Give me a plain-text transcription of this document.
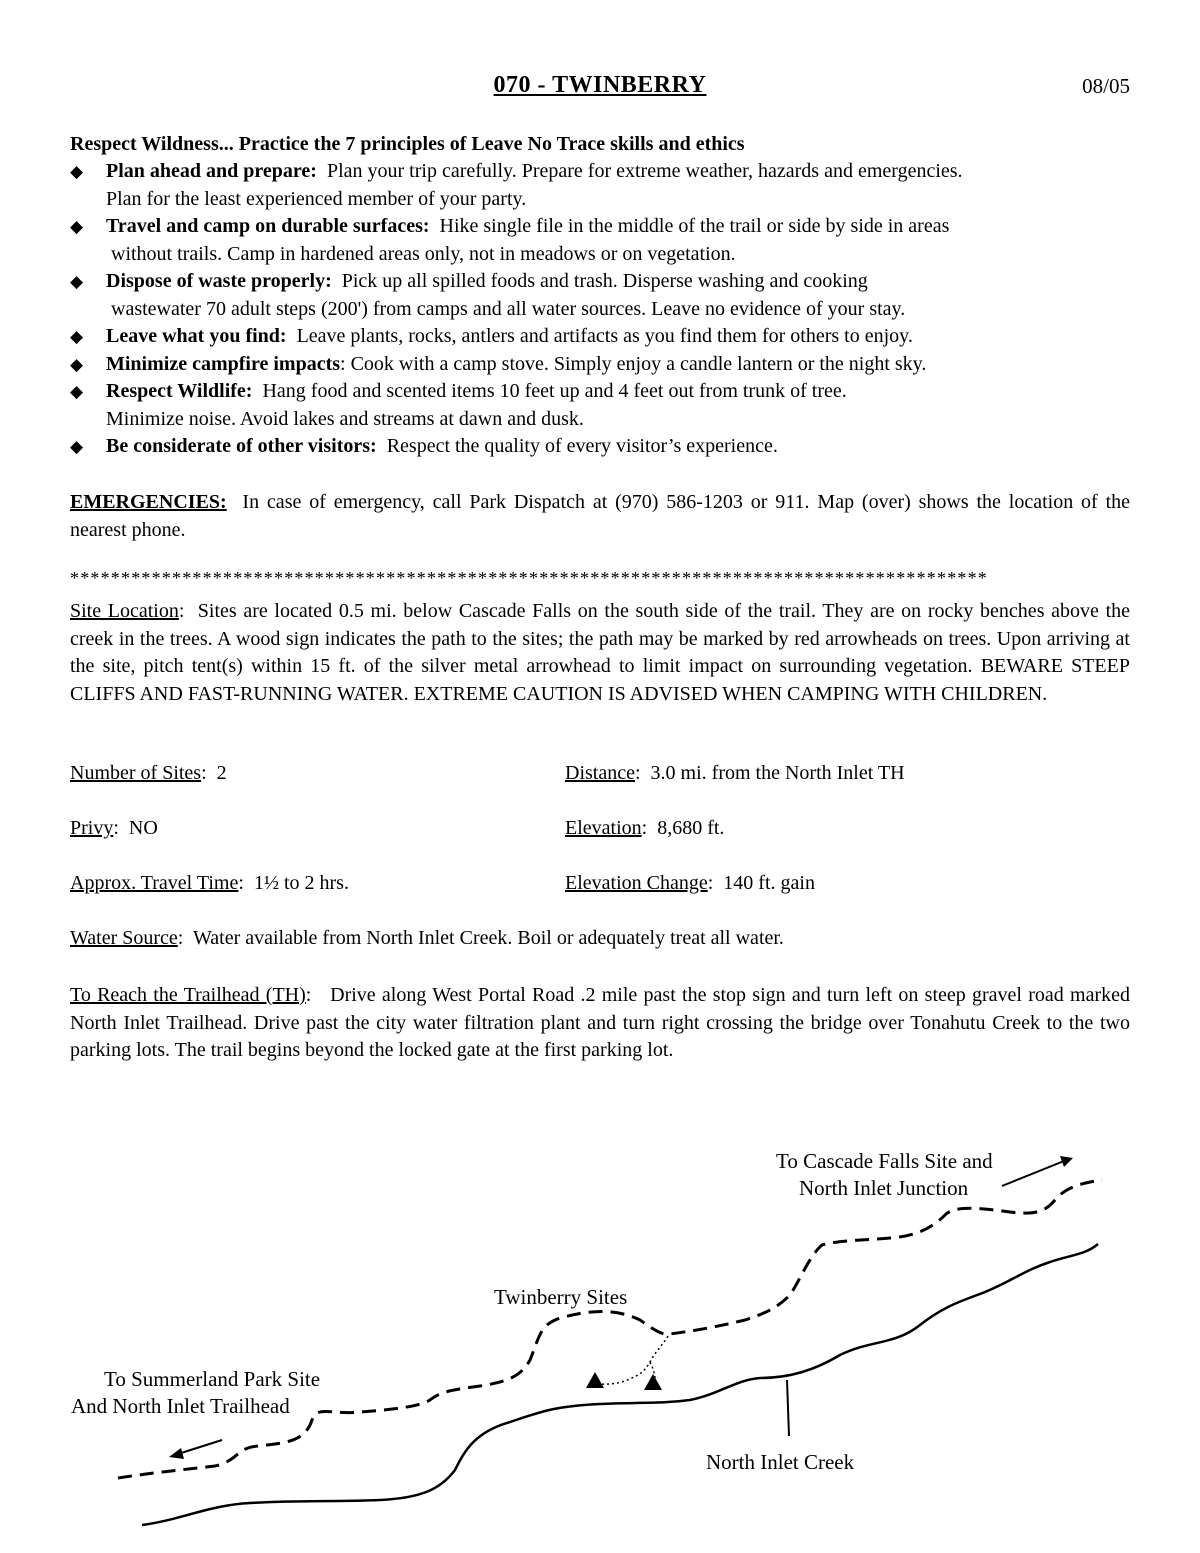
070 - TWINBERRY	08/05
Respect Wildness... Practice the 7 principles of Leave No Trace skills and ethics
◆ Plan ahead and prepare: Plan your trip carefully. Prepare for extreme weather, hazards and emergencies.
Plan for the least experienced member of your party.
◆ Travel and camp on durable surfaces: Hike single file in the middle of the trail or side by side in areas
without trails. Camp in hardened areas only, not in meadows or on vegetation.
◆ Dispose of waste properly: Pick up all spilled foods and trash. Disperse washing and cooking
wastewater 70 adult steps (200') from camps and all water sources. Leave no evidence of your stay.
◆ Leave what you find: Leave plants, rocks, antlers and artifacts as you find them for others to enjoy.
◆ Minimize campfire impacts: Cook with a camp stove. Simply enjoy a candle lantern or the night sky.
◆ Respect Wildlife: Hang food and scented items 10 feet up and 4 feet out from trunk of tree.
Minimize noise. Avoid lakes and streams at dawn and dusk.
◆ Be considerate of other visitors: Respect the quality of every visitor’s experience.
EMERGENCIES: In case of emergency, call Park Dispatch at (970) 586-1203 or 911. Map (over) shows the location of the nearest phone.
******************************************************************************************
Site Location:  Sites are located 0.5 mi. below Cascade Falls on the south side of the trail. They are on rocky benches above the creek in the trees. A wood sign indicates the path to the sites; the path may be marked by red arrowheads on trees. Upon arriving at the site, pitch tent(s) within 15 ft. of the silver metal arrowhead to limit impact on surrounding vegetation. BEWARE STEEP CLIFFS AND FAST-RUNNING WATER. EXTREME CAUTION IS ADVISED WHEN CAMPING WITH CHILDREN.
Number of Sites:  2	Distance:  3.0 mi. from the North Inlet TH
Privy:  NO	Elevation:  8,680 ft.
Approx. Travel Time:  1½ to 2 hrs.	Elevation Change:  140 ft. gain
Water Source:  Water available from North Inlet Creek. Boil or adequately treat all water.
To Reach the Trailhead (TH):   Drive along West Portal Road .2 mile past the stop sign and turn left on steep gravel road marked North Inlet Trailhead. Drive past the city water filtration plant and turn right crossing the bridge over Tonahutu Creek to the two parking lots. The trail begins beyond the locked gate at the first parking lot.
To Cascade Falls Site and
North Inlet Junction
Twinberry Sites
To Summerland Park Site
And North Inlet Trailhead
North Inlet Creek
